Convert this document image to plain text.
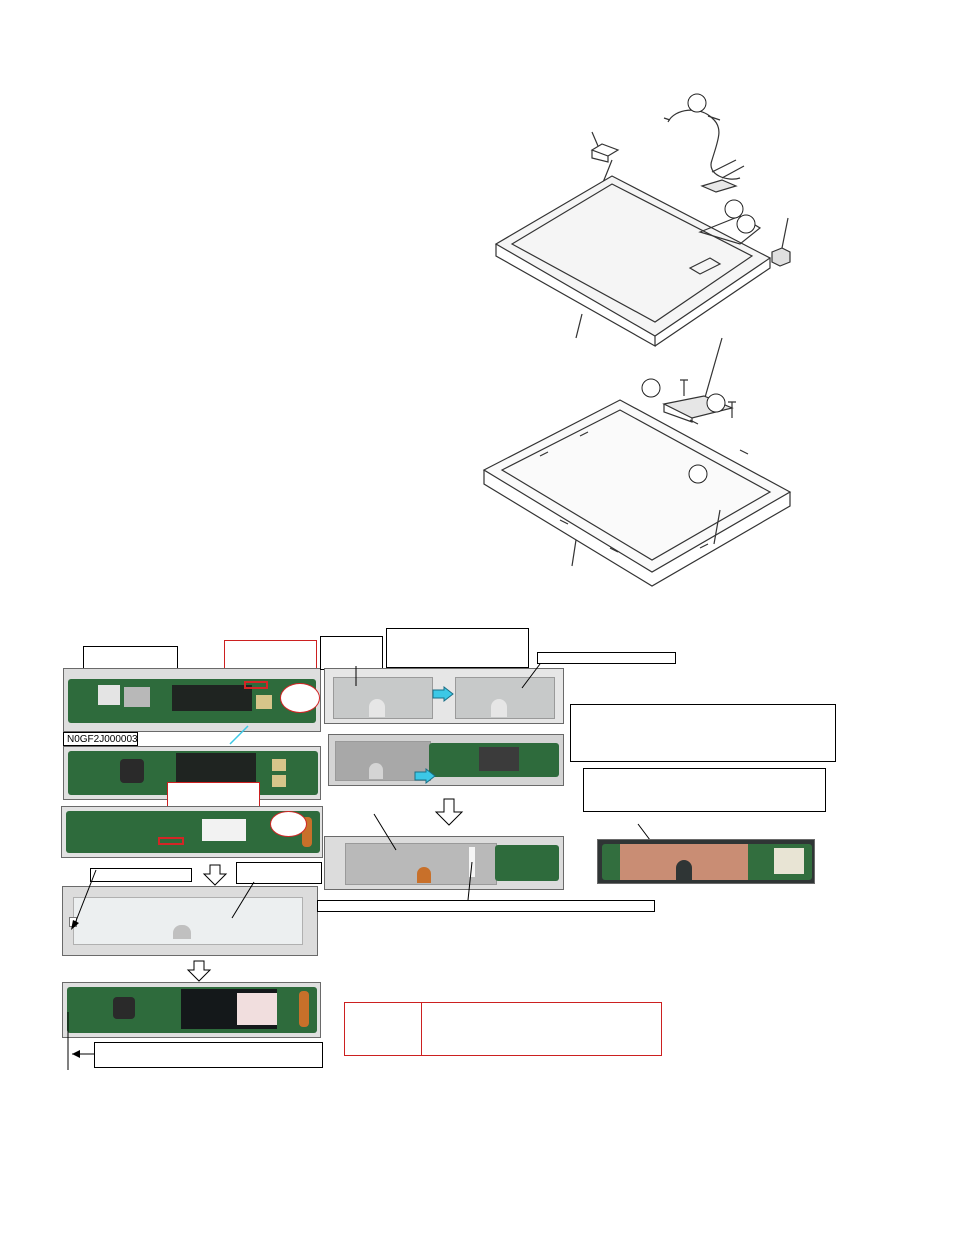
N0GF2J000003
